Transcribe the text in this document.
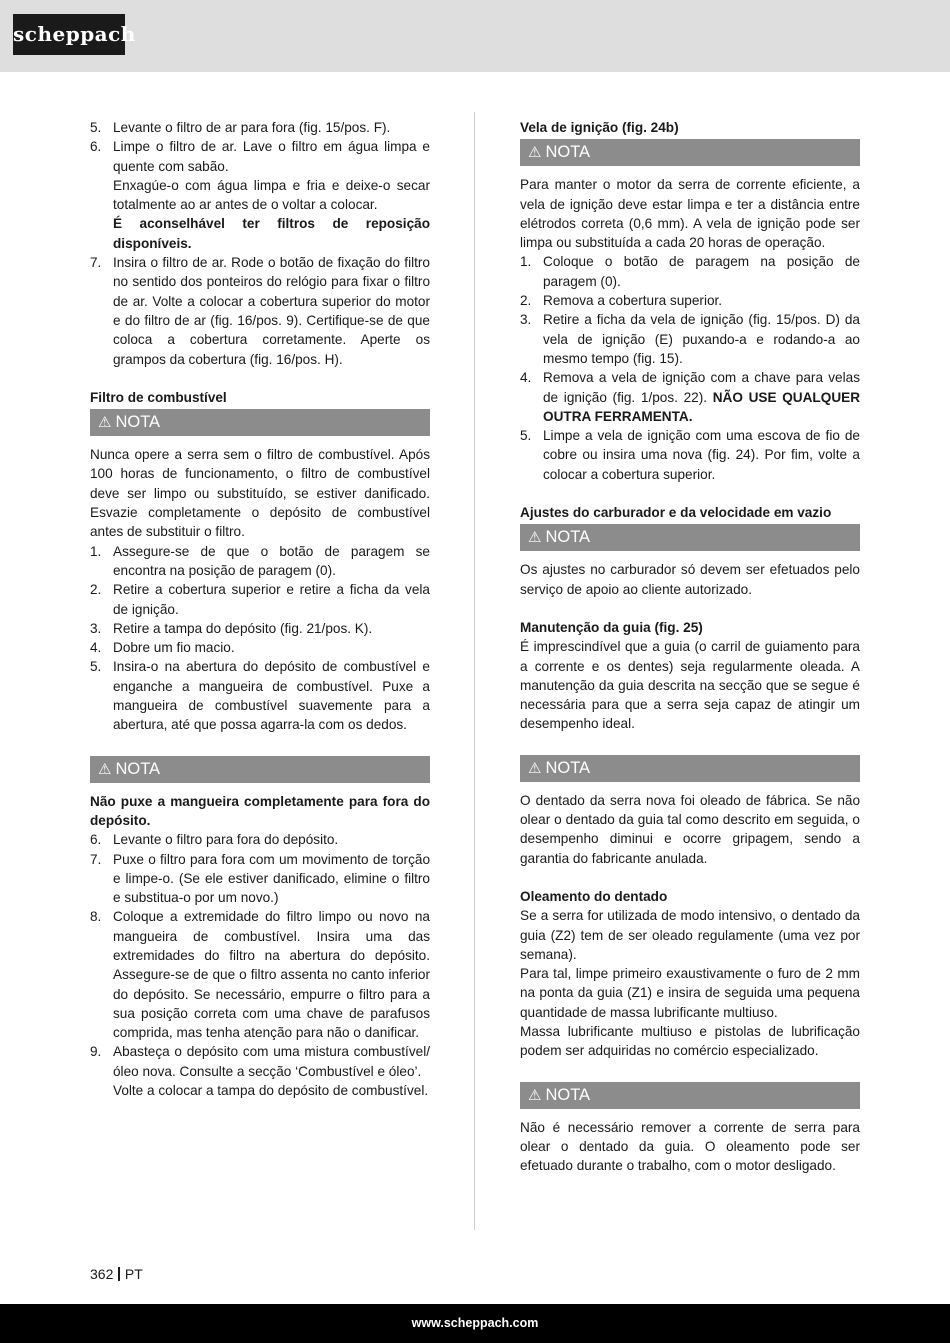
scheppach
5. Levante o filtro de ar para fora (fig. 15/pos. F).

6. Limpe o filtro de ar. Lave o filtro em água limpa e quente com sabão.

Enxagúe-o com água limpa e fria e deixe-o secar totalmente ao ar antes de o voltar a colocar.

É aconselhável ter filtros de reposição disponíveis.

7. Insira o filtro de ar. Rode o botão de fixação do filtro no sentido dos ponteiros do relógio para fixar o filtro de ar. Volte a colocar a cobertura superior do motor e do filtro de ar (fig. 16/pos. 9). Certifique-se de que coloca a cobertura corretamente. Aperte os grampos da cobertura (fig. 16/pos. H).

Filtro de combustível

⚠ NOTA

Nunca opere a serra sem o filtro de combustível. Após 100 horas de funcionamento, o filtro de combustível deve ser limpo ou substituído, se estiver danificado. Esvazie completamente o depósito de combustível antes de substituir o filtro.

1. Assegure-se de que o botão de paragem se encontra na posição de paragem (0).

2. Retire a cobertura superior e retire a ficha da vela de ignição.

3. Retire a tampa do depósito (fig. 21/pos. K).

4. Dobre um fio macio.

5. Insira-o na abertura do depósito de combustível e enganche a mangueira de combustível. Puxe a mangueira de combustível suavemente para a abertura, até que possa agarra-la com os dedos.

⚠ NOTA

Não puxe a mangueira completamente para fora do depósito.

6. Levante o filtro para fora do depósito.

7. Puxe o filtro para fora com um movimento de torção e limpe-o. (Se ele estiver danificado, elimine o filtro e substitua-o por um novo.)

8. Coloque a extremidade do filtro limpo ou novo na mangueira de combustível. Insira uma das extremidades do filtro na abertura do depósito. Assegure-se de que o filtro assenta no canto inferior do depósito. Se necessário, empurre o filtro para a sua posição correta com uma chave de parafusos comprida, mas tenha atenção para não o danificar.

9. Abasteça o depósito com uma mistura combustível/óleo nova. Consulte a secção ‘Combustível e óleo’.

Volte a colocar a tampa do depósito de combustível.

Vela de ignição (fig. 24b)

⚠ NOTA

Para manter o motor da serra de corrente eficiente, a vela de ignição deve estar limpa e ter a distância entre elétrodos correta (0,6 mm). A vela de ignição pode ser limpa ou substituída a cada 20 horas de operação.

1. Coloque o botão de paragem na posição de paragem (0).

2. Remova a cobertura superior.

3. Retire a ficha da vela de ignição (fig. 15/pos. D) da vela de ignição (E) puxando-a e rodando-a ao mesmo tempo (fig. 15).

4. Remova a vela de ignição com a chave para velas de ignição (fig. 1/pos. 22). NÃO USE QUALQUER OUTRA FERRAMENTA.

5. Limpe a vela de ignição com uma escova de fio de cobre ou insira uma nova (fig. 24). Por fim, volte a colocar a cobertura superior.

Ajustes do carburador e da velocidade em vazio

⚠ NOTA

Os ajustes no carburador só devem ser efetuados pelo serviço de apoio ao cliente autorizado.

Manutenção da guia (fig. 25)

É imprescindível que a guia (o carril de guiamento para a corrente e os dentes) seja regularmente oleada. A manutenção da guia descrita na secção que se segue é necessária para que a serra seja capaz de atingir um desempenho ideal.

⚠ NOTA

O dentado da serra nova foi oleado de fábrica. Se não olear o dentado da guia tal como descrito em seguida, o desempenho diminui e ocorre gripagem, sendo a garantia do fabricante anulada.

Oleamento do dentado

Se a serra for utilizada de modo intensivo, o dentado da guia (Z2) tem de ser oleado regulamente (uma vez por semana).

Para tal, limpe primeiro exaustivamente o furo de 2 mm na ponta da guia (Z1) e insira de seguida uma pequena quantidade de massa lubrificante multiuso.

Massa lubrificante multiuso e pistolas de lubrificação podem ser adquiridas no comércio especializado.

⚠ NOTA

Não é necessário remover a corrente de serra para olear o dentado da guia. O oleamento pode ser efetuado durante o trabalho, com o motor desligado.

362 PT
www.scheppach.com
